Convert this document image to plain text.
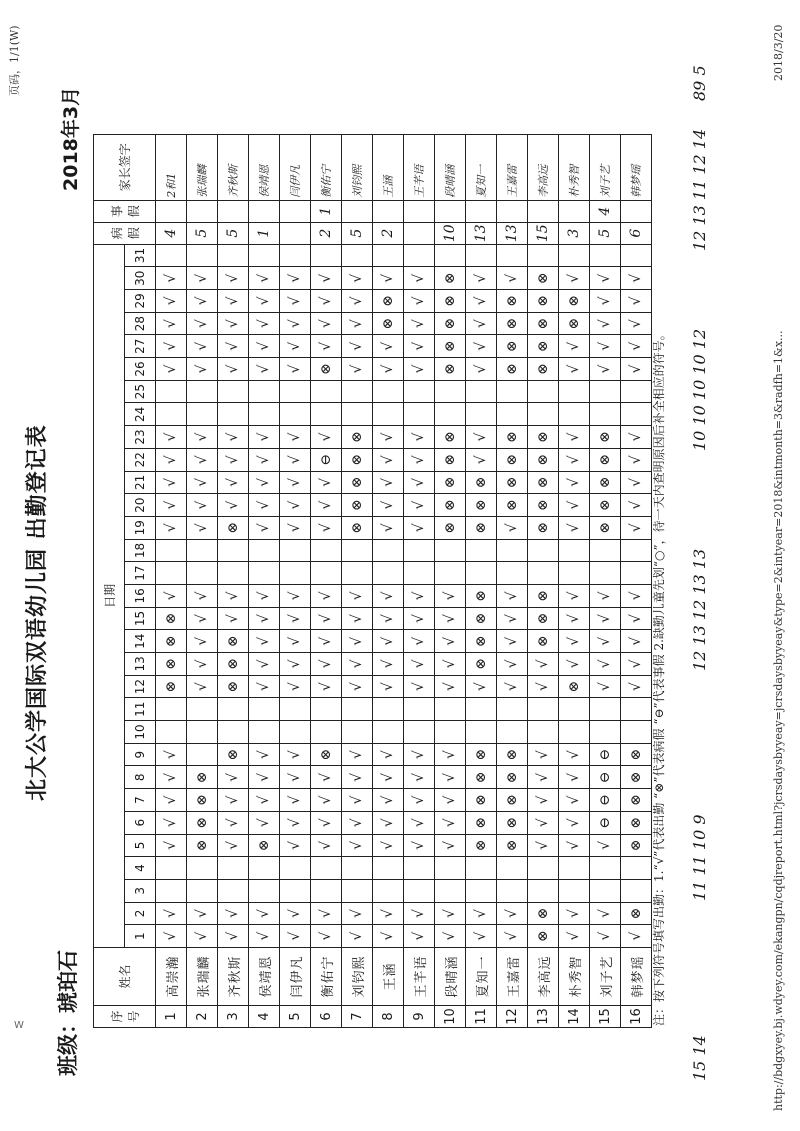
页码，1/1(W)
北大公学国际双语幼儿园 出勤登记表
班级：琥珀石
2018年3月
序号	姓名	日期																															病假	事假	家长签字
		1	2	3	4	5	6	7	8	9	10	11	12	13	14	15	16	17	18	19	20	21	22	23	24	25	26	27	28	29	30	31			
1	高崇瀚	√	√			√	√	√	√	√			⊗	⊗	⊗	⊗	√			√	√	√	√	√			√	√	√	√	√		4		2和1
2	张瑞麟	√	√			⊗	⊗	⊗	⊗				√	√	√	√	√			√	√	√	√	√			√	√	√	√	√		5		张瑞麟
3	齐秋斯	√	√			√	√	√	√	⊗			⊗	⊗	⊗	√	√			⊗	√	√	√	√			√	√	√	√	√		5		齐秋斯
4	侯靖恩	√	√			⊗	√	√	√	√			√	√	√	√	√			√	√	√	√	√			√	√	√	√	√		1		侯靖恩
5	闫伊凡	√	√			√	√	√	√	√			√	√	√	√	√			√	√	√	√	√			√	√	√	√	√				闫伊凡
6	衡佑宁	√	√			√	√	√	√	⊗			√	√	√	√	√			√	√	√	⊖	√			⊗	√	√	√	√		2	1	衡佑宁
7	刘钧熙	√	√			√	√	√	√	√			√	√	√	√	√			⊗	⊗	⊗	⊗	⊗			√	√	√	√	√		5		刘钧熙
8	王涵	√	√			√	√	√	√	√			√	√	√	√	√			√	√	√	√	√			√	√	⊗	⊗	√		2		王涵
9	王芊语	√	√			√	√	√	√	√			√	√	√	√	√			√	√	√	√	√			√	√	√	√	√				王芊语
10	段晴涵	√	√			√	√	√	√	√			√	√	√	√	√			⊗	⊗	⊗	⊗	⊗			⊗	⊗	⊗	⊗	⊗		10		段晴涵
11	夏知一	√	√			⊗	⊗	⊗	⊗	⊗			√	⊗	⊗	⊗	⊗			⊗	⊗	⊗	√	√			√	√	√	√	√		13		夏知一
12	王嘉雷	√	√			⊗	⊗	⊗	⊗	⊗			√	√	√	√	√			√	⊗	⊗	⊗	⊗			⊗	⊗	⊗	⊗	√		13		王嘉雷
13	李高远	⊗	⊗			√	√	√	√	√			√	√	⊗	⊗	⊗			⊗	⊗	⊗	⊗	⊗			⊗	⊗	⊗	⊗	⊗		15		李高远
14	朴秀智	√	√			√	√	√	√	√			⊗	√	√	√	√			√	√	√	√	√			√	√	⊗	⊗	√		3		朴秀智
15	刘子艺	√	√			√	⊖	⊖	⊖	⊖			√	√	√	√	√			⊗	⊗	⊗	⊗	⊗			√	√	√	√	√		5	4	刘子艺
16	韩梦瑶	√	⊗			⊗	⊗	⊗	⊗	⊗			√	√	√	√	√			√	√	√	√	√			√	√	√	√	√		6		韩梦瑶
注：按下列符号填写出勤：1.“√”代表出勤 “⊗”代表病假 “⊖”代表事假 2.缺勤儿童先划“○”，待一天内查明原因后补全相应的符号。
15 14
11 11 10 9
12 13 12 13 13
10 10 10 10 12
12 13 11 12 14
89 5
http://bdgxyey.bj.wdyey.com/ekangpn/cqdjreport.html?jcrsdaysbyyeay=jcrsdaysbyyeay&type=2&intyear=2018&intmonth=3&radfh=1&x...
2018/3/20
W
